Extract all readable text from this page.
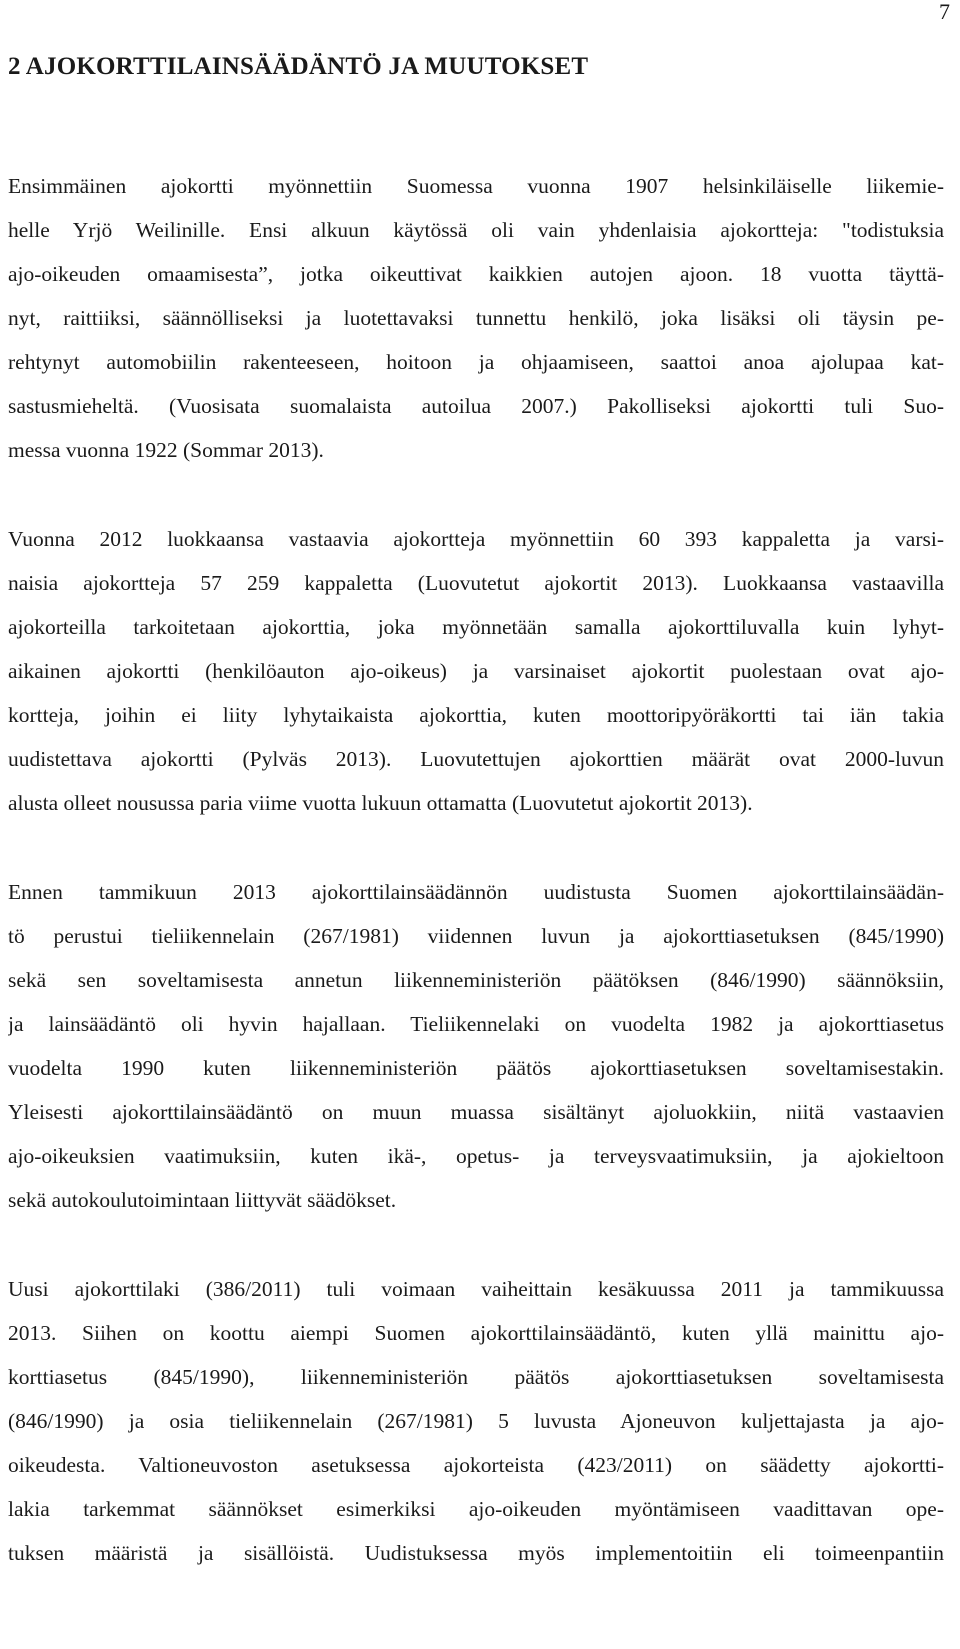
7
2 AJOKORTTILAINSÄÄDÄNTÖ JA MUUTOKSET
Ensimmäinen ajokortti myönnettiin Suomessa vuonna 1907 helsinkiläiselle liikemie-
helle Yrjö Weilinille. Ensi alkuun käytössä oli vain yhdenlaisia ajokortteja: "todistuksia
ajo-oikeuden omaamisesta”, jotka oikeuttivat kaikkien autojen ajoon. 18 vuotta täyttä-
nyt, raittiiksi, säännölliseksi ja luotettavaksi tunnettu henkilö, joka lisäksi oli täysin pe-
rehtynyt automobiilin rakenteeseen, hoitoon ja ohjaamiseen, saattoi anoa ajolupaa kat-
sastusmieheltä. (Vuosisata suomalaista autoilua 2007.) Pakolliseksi ajokortti tuli Suo-
messa vuonna 1922 (Sommar 2013).
Vuonna 2012 luokkaansa vastaavia ajokortteja myönnettiin 60 393 kappaletta ja varsi-
naisia ajokortteja 57 259 kappaletta (Luovutetut ajokortit 2013). Luokkaansa vastaavilla
ajokorteilla tarkoitetaan ajokorttia, joka myönnetään samalla ajokorttiluvalla kuin lyhyt-
aikainen ajokortti (henkilöauton ajo-oikeus) ja varsinaiset ajokortit puolestaan ovat ajo-
kortteja, joihin ei liity lyhytaikaista ajokorttia, kuten moottoripyöräkortti tai iän takia
uudistettava ajokortti (Pylväs 2013). Luovutettujen ajokorttien määrät ovat 2000-luvun
alusta olleet nousussa paria viime vuotta lukuun ottamatta (Luovutetut ajokortit 2013).
Ennen tammikuun 2013 ajokorttilainsäädännön uudistusta Suomen ajokorttilainsäädän-
tö perustui tieliikennelain (267/1981) viidennen luvun ja ajokorttiasetuksen (845/1990)
sekä sen soveltamisesta annetun liikenneministeriön päätöksen (846/1990) säännöksiin,
ja lainsäädäntö oli hyvin hajallaan. Tieliikennelaki on vuodelta 1982 ja ajokorttiasetus
vuodelta 1990 kuten liikenneministeriön päätös ajokorttiasetuksen soveltamisestakin.
Yleisesti ajokorttilainsäädäntö on muun muassa sisältänyt ajoluokkiin, niitä vastaavien
ajo-oikeuksien vaatimuksiin, kuten ikä-, opetus- ja terveysvaatimuksiin, ja ajokieltoon
sekä autokoulutoimintaan liittyvät säädökset.
Uusi ajokorttilaki (386/2011) tuli voimaan vaiheittain kesäkuussa 2011 ja tammikuussa
2013. Siihen on koottu aiempi Suomen ajokorttilainsäädäntö, kuten yllä mainittu ajo-
korttiasetus (845/1990), liikenneministeriön päätös ajokorttiasetuksen soveltamisesta
(846/1990) ja osia tieliikennelain (267/1981) 5 luvusta Ajoneuvon kuljettajasta ja ajo-
oikeudesta. Valtioneuvoston asetuksessa ajokorteista (423/2011) on säädetty ajokortti-
lakia tarkemmat säännökset esimerkiksi ajo-oikeuden myöntämiseen vaadittavan ope-
tuksen määristä ja sisällöistä. Uudistuksessa myös implementoitiin eli toimeenpantiin
